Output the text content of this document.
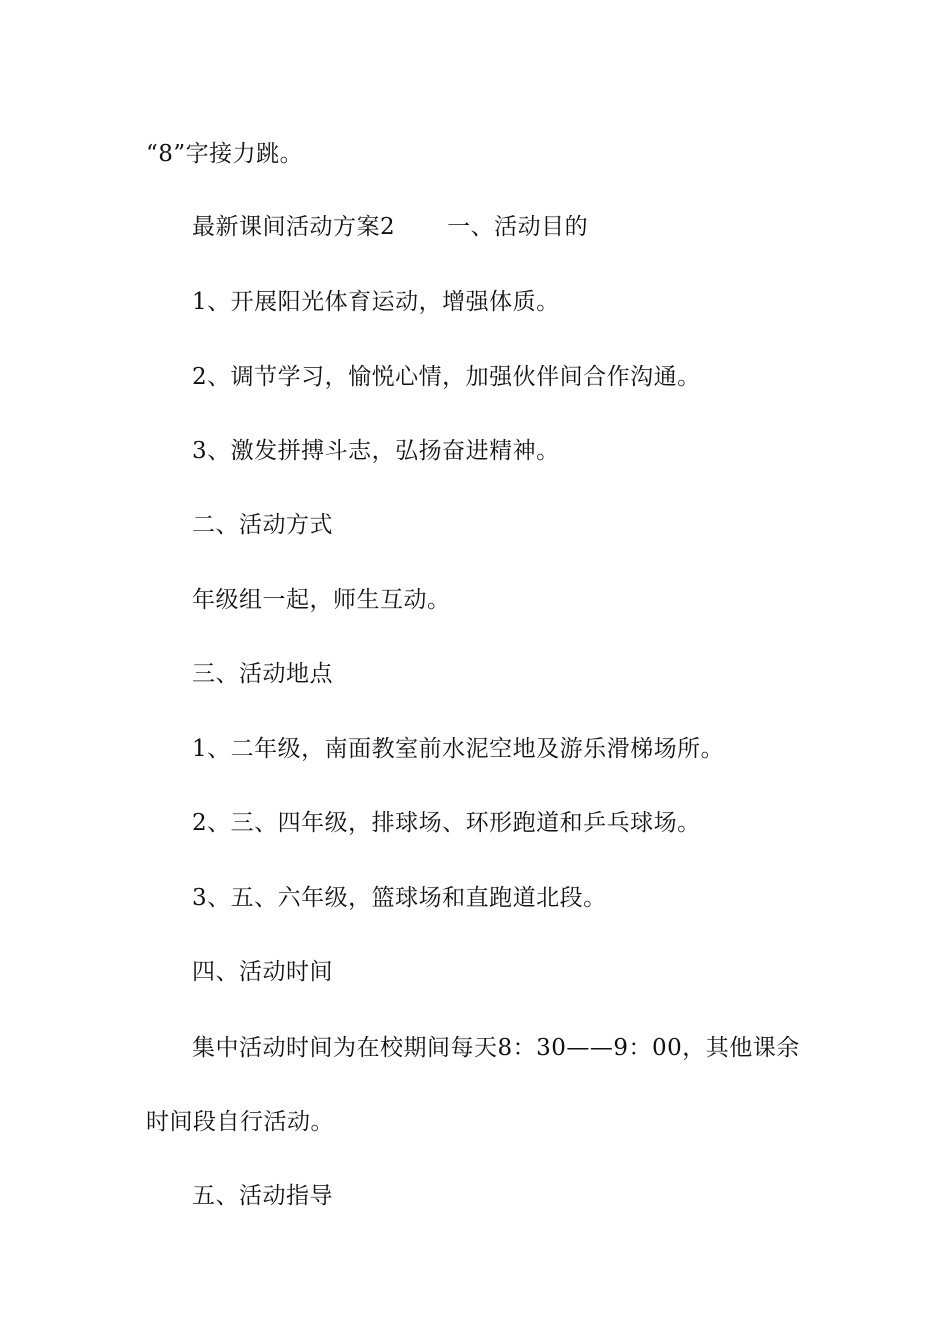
“8”字接力跳。
最新课间活动方案2 一、活动目的
1、开展阳光体育运动，增强体质。
2、调节学习，愉悦心情，加强伙伴间合作沟通。
3、激发拼搏斗志，弘扬奋进精神。
二、活动方式
年级组一起，师生互动。
三、活动地点
1、二年级，南面教室前水泥空地及游乐滑梯场所。
2、三、四年级，排球场、环形跑道和乒乓球场。
3、五、六年级，篮球场和直跑道北段。
四、活动时间
集中活动时间为在校期间每天8：30——9：00，其他课余
时间段自行活动。
五、活动指导
